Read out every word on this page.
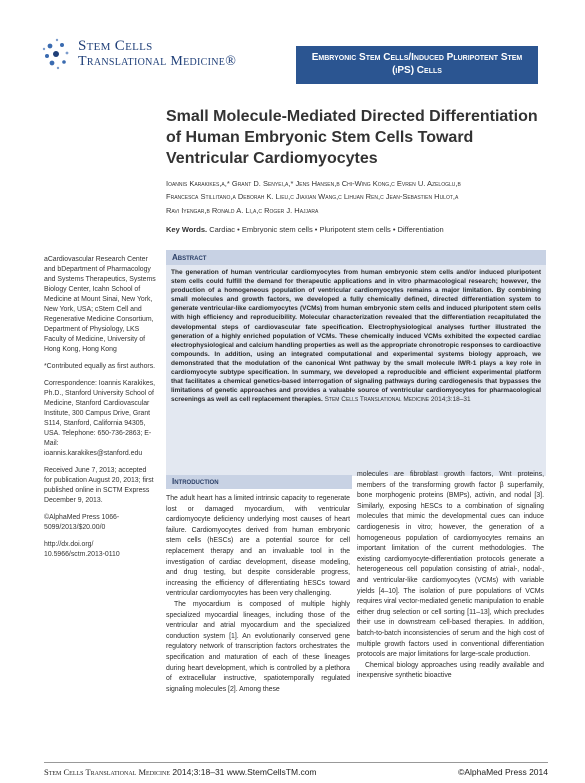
Stem Cells
Translational Medicine®	Embryonic Stem Cells/Induced Pluripotent Stem
(iPS) Cells
Small Molecule-Mediated Directed Differentiation of Human Embryonic Stem Cells Toward Ventricular Cardiomyocytes
Ioannis Karakikes,a,* Grant D. Senyei,a,* Jens Hansen,b Chi-Wing Kong,c Evren U. Azeloglu,b
Francesca Stillitano,a Deborah K. Lieu,c Jiaxian Wang,c Lihuan Ren,c Jean-Sebastien Hulot,a
Ravi Iyengar,b Ronald A. Li,a,c Roger J. Hajjara
Key Words. Cardiac • Embryonic stem cells • Pluripotent stem cells • Differentiation

aCardiovascular Research Center and bDepartment of Pharmacology and Systems Therapeutics, Systems Biology Center, Icahn School of Medicine at Mount Sinai, New York, New York, USA; cStem Cell and Regenerative Medicine Consortium, Department of Physiology, LKS Faculty of Medicine, University of Hong Kong, Hong Kong

*Contributed equally as first authors.

Correspondence: Ioannis Karakikes, Ph.D., Stanford University School of Medicine, Stanford Cardiovascular Institute, 300 Campus Drive, Grant S114, Stanford, California 94305, USA. Telephone: 650-736-2863; E-Mail: ioannis.karakikes@stanford.edu

Received June 7, 2013; accepted for publication August 20, 2013; first published online in SCTM Express December 9, 2013.

©AlphaMed Press 1066-5099/2013/$20.00/0

http://dx.doi.org/ 10.5966/sctm.2013-0110

Abstract
The generation of human ventricular cardiomyocytes from human embryonic stem cells and/or induced pluripotent stem cells could fulfill the demand for therapeutic applications and in vitro pharmacological research; however, the production of a homogeneous population of ventricular cardiomyocytes remains a major limitation. By combining small molecules and growth factors, we developed a fully chemically defined, directed differentiation system to generate ventricular-like cardiomyocytes (VCMs) from human embryonic stem cells and induced pluripotent stem cells with high efficiency and reproducibility. Molecular characterization revealed that the differentiation recapitulated the developmental steps of cardiovascular fate specification. Electrophysiological analyses further illustrated the generation of a highly enriched population of VCMs. These chemically induced VCMs exhibited the expected cardiac electrophysiological and calcium handling properties as well as the appropriate chronotropic responses to cardioactive compounds. In addition, using an integrated computational and experimental systems biology approach, we demonstrated that the modulation of the canonical Wnt pathway by the small molecule IWR-1 plays a key role in cardiomyocyte subtype specification. In summary, we developed a reproducible and efficient experimental platform that facilitates a chemical genetics-based interrogation of signaling pathways during cardiogenesis that bypasses the limitations of genetic approaches and provides a valuable source of ventricular cardiomyocytes for pharmacological screenings as well as cell replacement therapies. Stem Cells Translational Medicine 2014;3:18–31
Introduction

The adult heart has a limited intrinsic capacity to regenerate lost or damaged myocardium, with ventricular cardiomyocyte deficiency underlying most causes of heart failure. Cardiomyocytes derived from human embryonic stem cells (hESCs) are a potential source for cell replacement therapy and an invaluable tool in the investigation of cardiac development, disease modeling, and drug testing, but despite considerable progress, increasing the efficiency of differentiating hESCs toward ventricular cardiomyocytes has been very challenging.

The myocardium is composed of multiple highly specialized myocardial lineages, including those of the ventricular and atrial myocardium and the specialized conduction system [1]. An evolutionarily conserved gene regulatory network of transcription factors orchestrates the specification and maturation of each of these lineages during heart development, which is controlled by a plethora of extracellular instructive, spatiotemporally regulated signaling molecules [2]. Among these

molecules are fibroblast growth factors, Wnt proteins, members of the transforming growth factor β superfamily, bone morphogenic proteins (BMPs), activin, and nodal [3]. Similarly, exposing hESCs to a combination of signaling molecules that mimic the developmental cues can induce cardiogenesis in vitro; however, the generation of a homogeneous population of cardiomyocytes remains an important limitation of the current methodologies. The existing cardiomyocyte-differentiation protocols generate a heterogeneous cell population consisting of atrial-, nodal-, and ventricular-like cardiomyocytes (VCMs) with variable yields [4–10]. The isolation of pure populations of VCMs requires viral vector-mediated genetic manipulation to enable either drug selection or cell sorting [11–13], which precludes their use in downstream cell-based therapies. In addition, batch-to-batch inconsistencies of serum and the high cost of multiple growth factors used in conventional differentiation protocols are major limitations for large-scale production.

Chemical biology approaches using readily available and inexpensive synthetic bioactive

Stem Cells Translational Medicine 2014;3:18–31 www.StemCellsTM.com	©AlphaMed Press 2014
